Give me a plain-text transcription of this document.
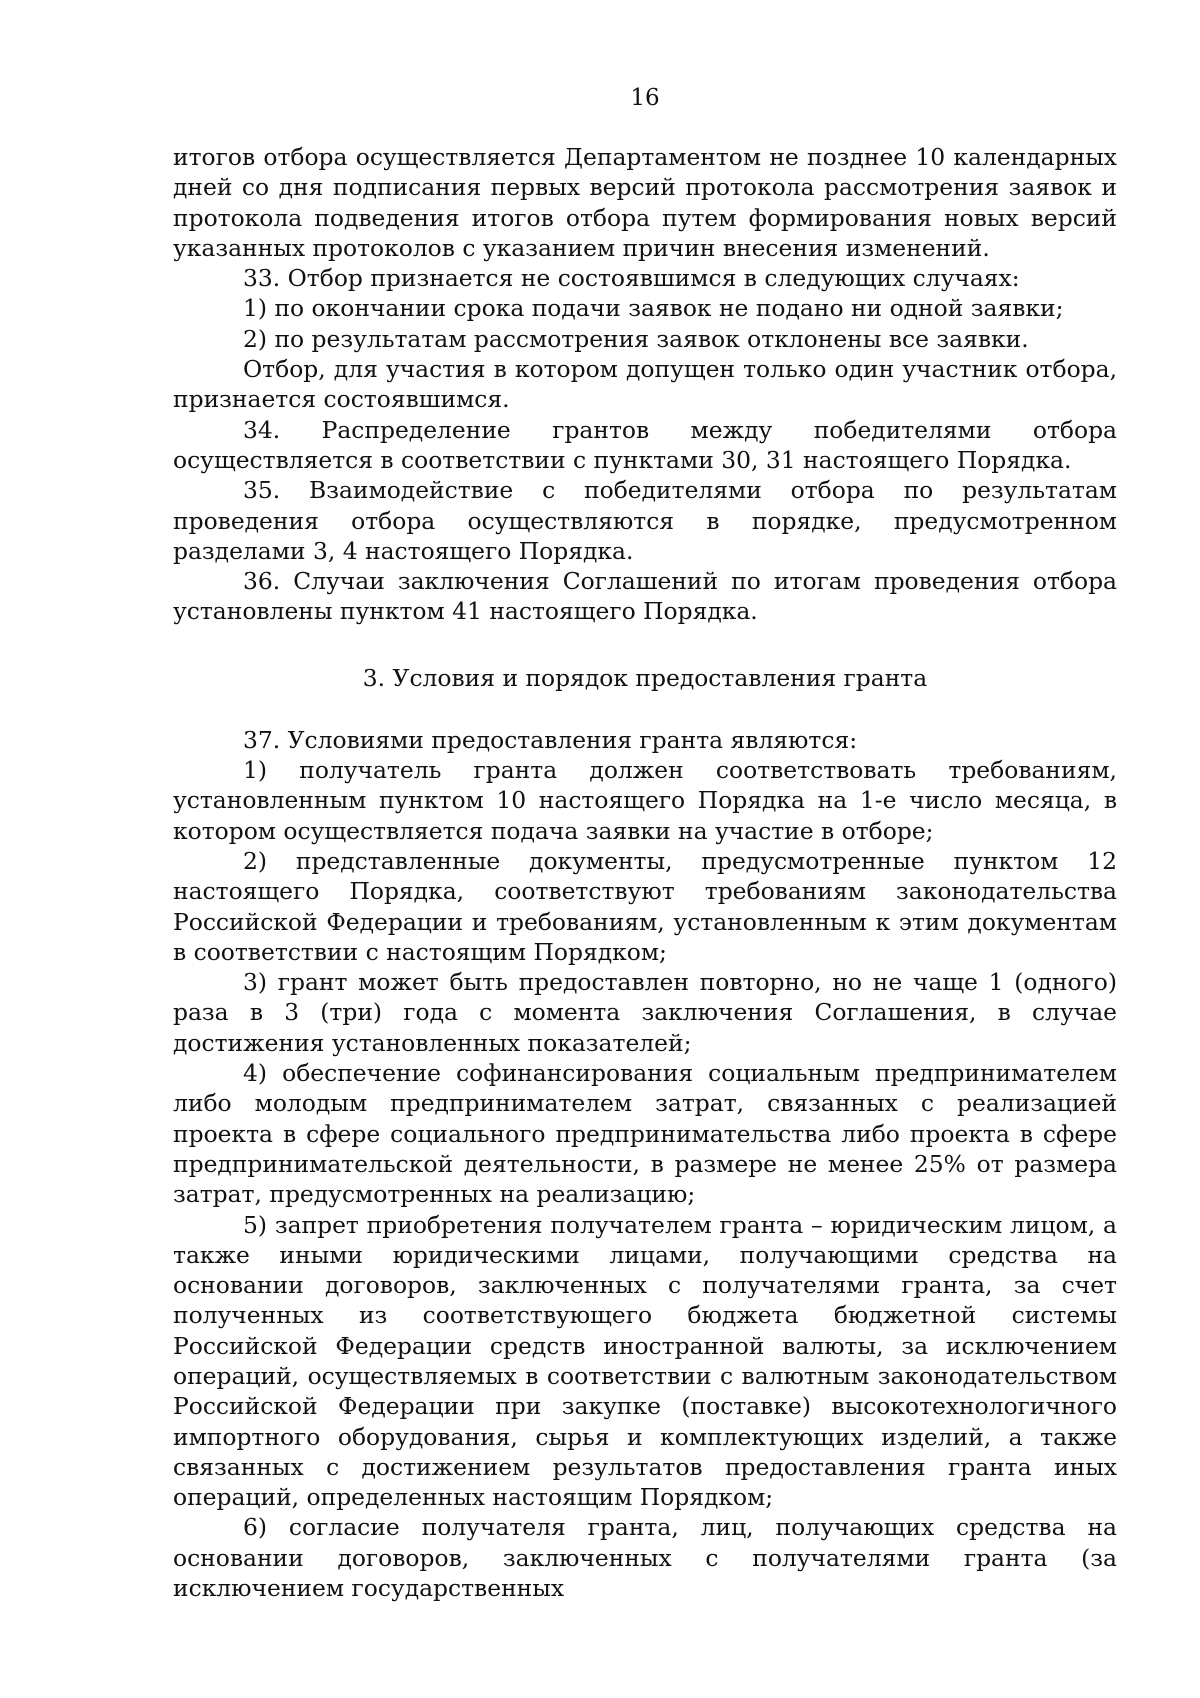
16

итогов отбора осуществляется Департаментом не позднее 10 календарных дней со дня подписания первых версий протокола рассмотрения заявок и протокола подведения итогов отбора путем формирования новых версий указанных протоколов с указанием причин внесения изменений.

33. Отбор признается не состоявшимся в следующих случаях:

1) по окончании срока подачи заявок не подано ни одной заявки;

2) по результатам рассмотрения заявок отклонены все заявки.

Отбор, для участия в котором допущен только один участник отбора, признается состоявшимся.

34. Распределение грантов между победителями отбора осуществляется в соответствии с пунктами 30, 31 настоящего Порядка.

35. Взаимодействие с победителями отбора по результатам проведения отбора осуществляются в порядке, предусмотренном разделами 3, 4 настоящего Порядка.

36. Случаи заключения Соглашений по итогам проведения отбора установлены пунктом 41 настоящего Порядка.

3. Условия и порядок предоставления гранта

37. Условиями предоставления гранта являются:

1) получатель гранта должен соответствовать требованиям, установленным пунктом 10 настоящего Порядка на 1-е число месяца, в котором осуществляется подача заявки на участие в отборе;

2) представленные документы, предусмотренные пунктом 12 настоящего Порядка, соответствуют требованиям законодательства Российской Федерации и требованиям, установленным к этим документам в соответствии с настоящим Порядком;

3) грант может быть предоставлен повторно, но не чаще 1 (одного) раза в 3 (три) года с момента заключения Соглашения, в случае достижения установленных показателей;

4) обеспечение софинансирования социальным предпринимателем либо молодым предпринимателем затрат, связанных с реализацией проекта в сфере социального предпринимательства либо проекта в сфере предпринимательской деятельности, в размере не менее 25% от размера затрат, предусмотренных на реализацию;

5) запрет приобретения получателем гранта – юридическим лицом, а также иными юридическими лицами, получающими средства на основании договоров, заключенных с получателями гранта, за счет полученных из соответствующего бюджета бюджетной системы Российской Федерации средств иностранной валюты, за исключением операций, осуществляемых в соответствии с валютным законодательством Российской Федерации при закупке (поставке) высокотехнологичного импортного оборудования, сырья и комплектующих изделий, а также связанных с достижением результатов предоставления гранта иных операций, определенных настоящим Порядком;

6) согласие получателя гранта, лиц, получающих средства на основании договоров, заключенных с получателями гранта (за исключением государственных
